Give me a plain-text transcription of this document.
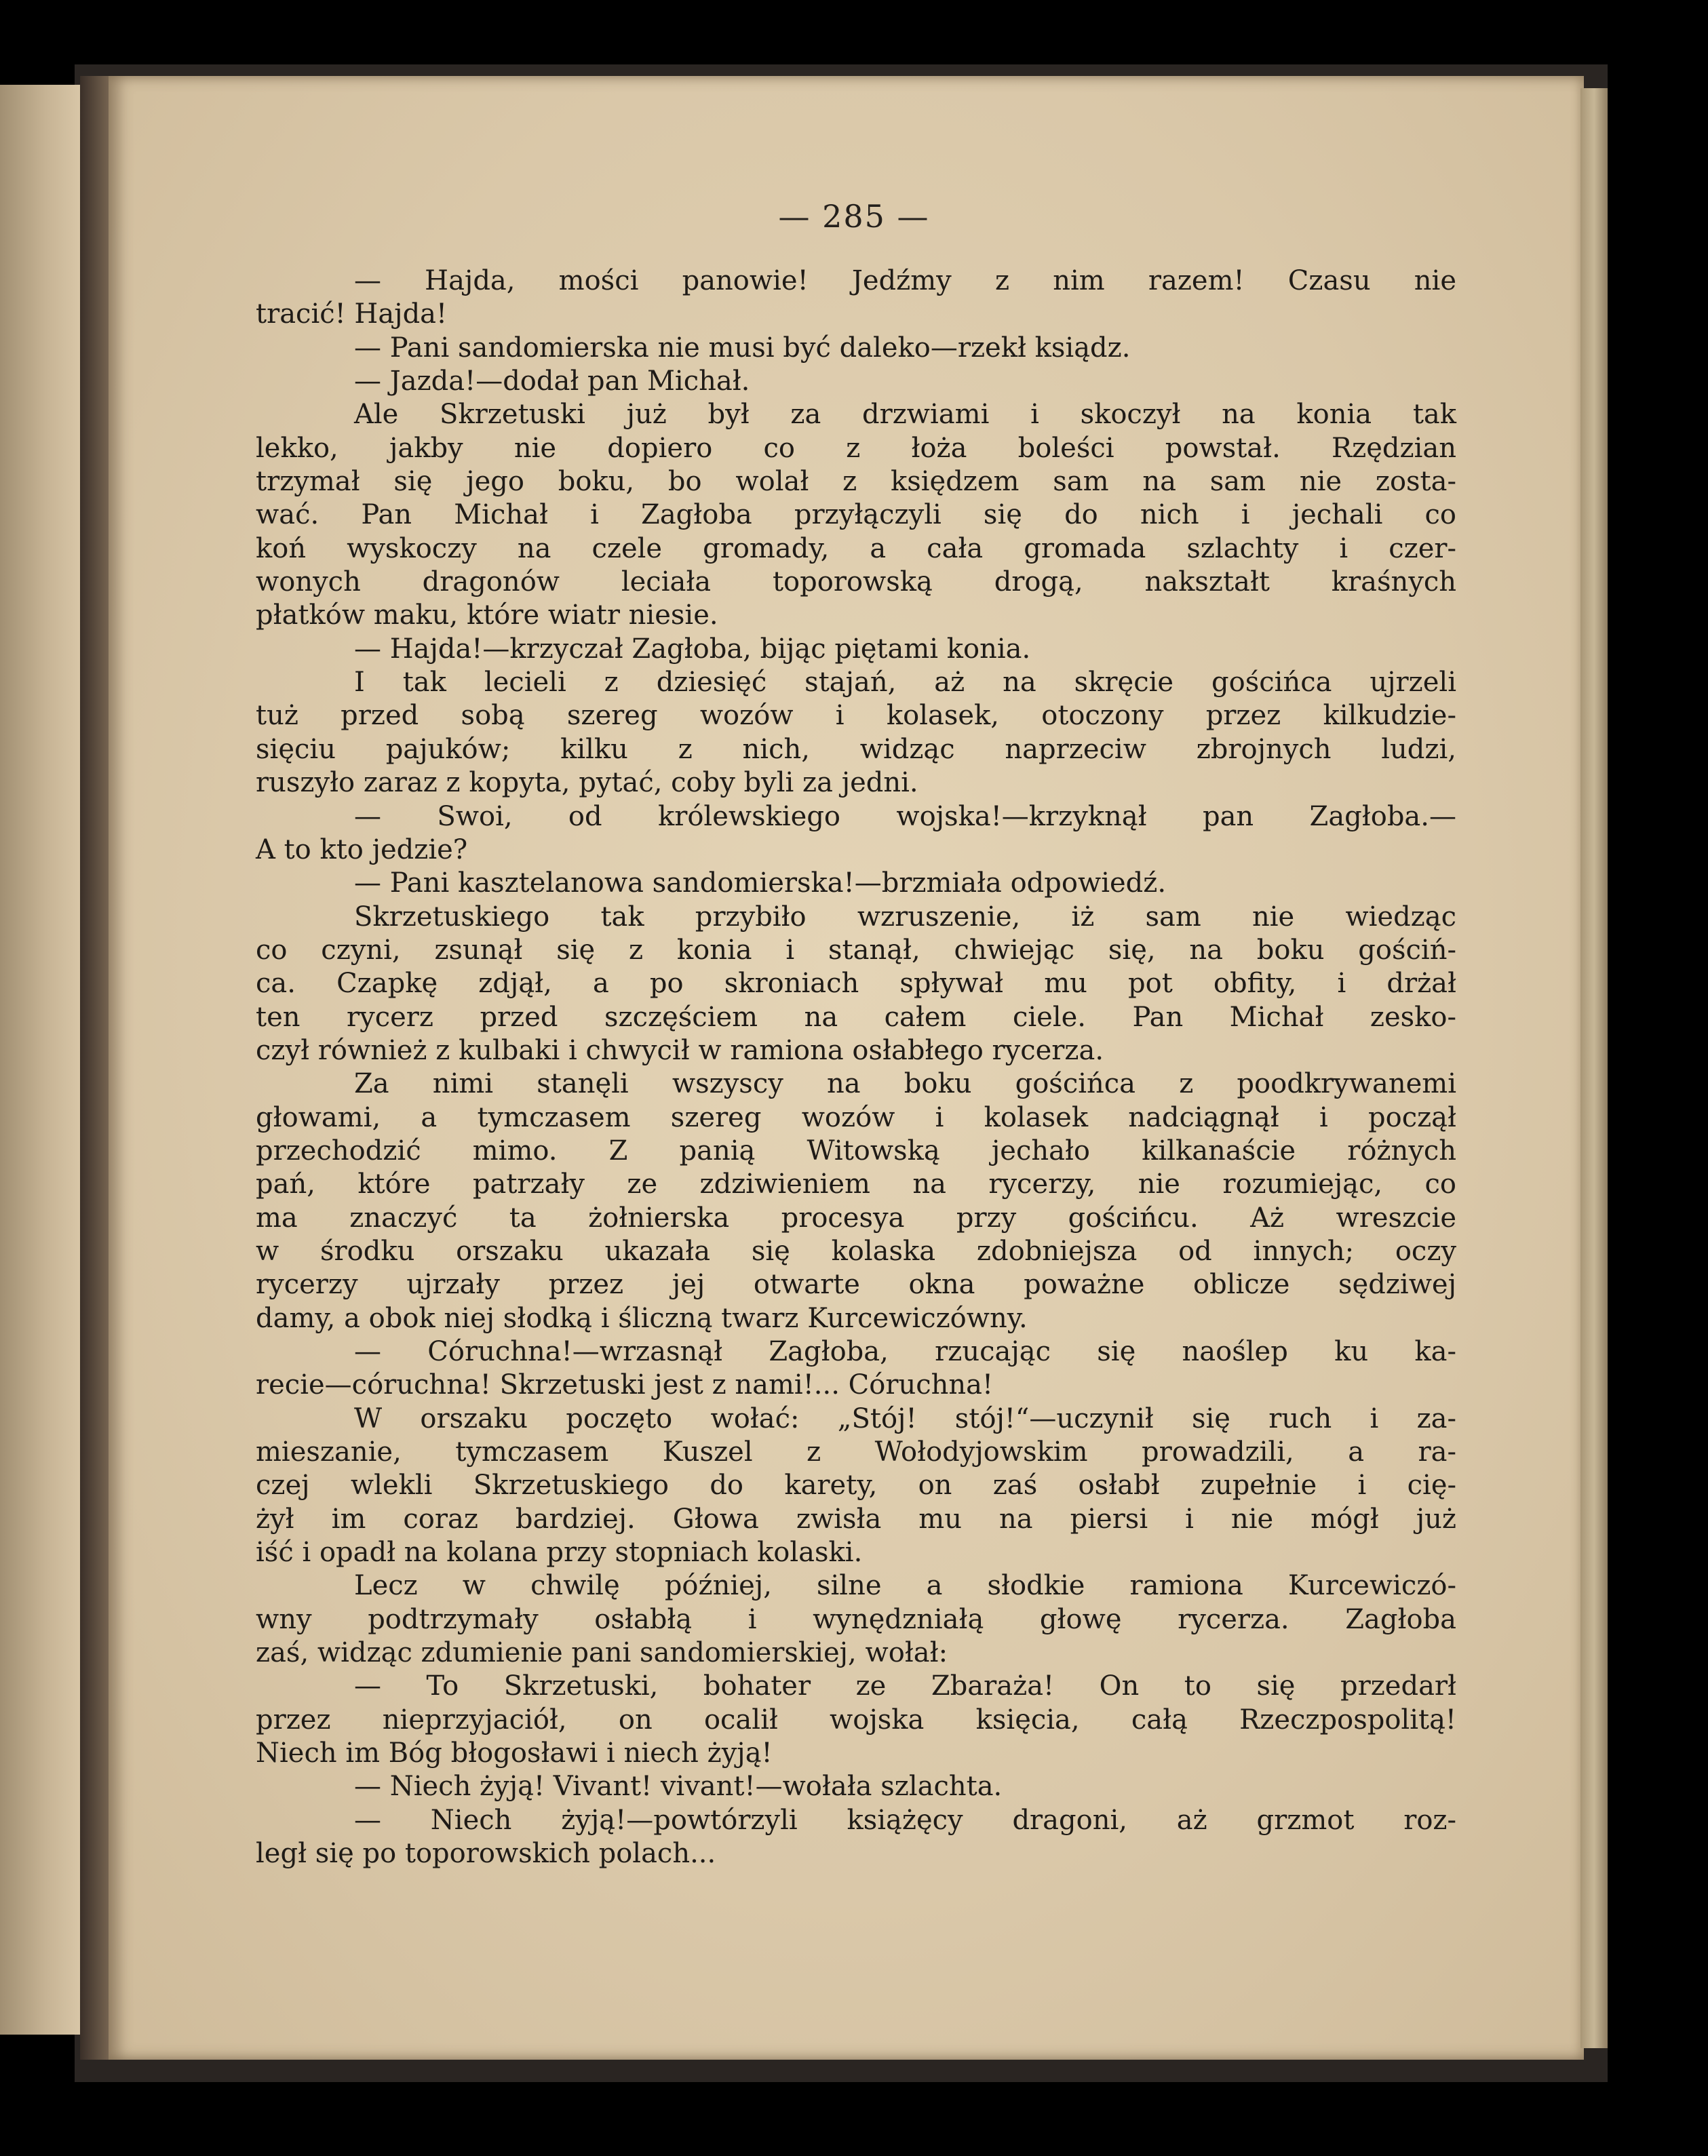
— 285 —
— Hajda, mości panowie! Jedźmy z nim razem! Czasu nie
tracić! Hajda!
— Pani sandomierska nie musi być daleko—rzekł ksiądz.
— Jazda!—dodał pan Michał.
Ale Skrzetuski już był za drzwiami i skoczył na konia tak
lekko, jakby nie dopiero co z łoża boleści powstał. Rzędzian
trzymał się jego boku, bo wolał z księdzem sam na sam nie zosta-
wać. Pan Michał i Zagłoba przyłączyli się do nich i jechali co
koń wyskoczy na czele gromady, a cała gromada szlachty i czer-
wonych dragonów leciała toporowską drogą, nakształt kraśnych
płatków maku, które wiatr niesie.
— Hajda!—krzyczał Zagłoba, bijąc piętami konia.
I tak lecieli z dziesięć stajań, aż na skręcie gościńca ujrzeli
tuż przed sobą szereg wozów i kolasek, otoczony przez kilkudzie-
sięciu pajuków; kilku z nich, widząc naprzeciw zbrojnych ludzi,
ruszyło zaraz z kopyta, pytać, coby byli za jedni.
— Swoi, od królewskiego wojska!—krzyknął pan Zagłoba.—
A to kto jedzie?
— Pani kasztelanowa sandomierska!—brzmiała odpowiedź.
Skrzetuskiego tak przybiło wzruszenie, iż sam nie wiedząc
co czyni, zsunął się z konia i stanął, chwiejąc się, na boku gościń-
ca. Czapkę zdjął, a po skroniach spływał mu pot obfity, i drżał
ten rycerz przed szczęściem na całem ciele. Pan Michał zesko-
czył również z kulbaki i chwycił w ramiona osłabłego rycerza.
Za nimi stanęli wszyscy na boku gościńca z poodkrywanemi
głowami, a tymczasem szereg wozów i kolasek nadciągnął i począł
przechodzić mimo. Z panią Witowską jechało kilkanaście różnych
pań, które patrzały ze zdziwieniem na rycerzy, nie rozumiejąc, co
ma znaczyć ta żołnierska procesya przy gościńcu. Aż wreszcie
w środku orszaku ukazała się kolaska zdobniejsza od innych; oczy
rycerzy ujrzały przez jej otwarte okna poważne oblicze sędziwej
damy, a obok niej słodką i śliczną twarz Kurcewiczówny.
— Córuchna!—wrzasnął Zagłoba, rzucając się naoślep ku ka-
recie—córuchna! Skrzetuski jest z nami!... Córuchna!
W orszaku poczęto wołać: „Stój! stój!“—uczynił się ruch i za-
mieszanie, tymczasem Kuszel z Wołodyjowskim prowadzili, a ra-
czej wlekli Skrzetuskiego do karety, on zaś osłabł zupełnie i cię-
żył im coraz bardziej. Głowa zwisła mu na piersi i nie mógł już
iść i opadł na kolana przy stopniach kolaski.
Lecz w chwilę później, silne a słodkie ramiona Kurcewiczó-
wny podtrzymały osłabłą i wynędzniałą głowę rycerza. Zagłoba
zaś, widząc zdumienie pani sandomierskiej, wołał:
— To Skrzetuski, bohater ze Zbaraża! On to się przedarł
przez nieprzyjaciół, on ocalił wojska księcia, całą Rzeczpospolitą!
Niech im Bóg błogosławi i niech żyją!
— Niech żyją! Vivant! vivant!—wołała szlachta.
— Niech żyją!—powtórzyli książęcy dragoni, aż grzmot roz-
legł się po toporowskich polach...
